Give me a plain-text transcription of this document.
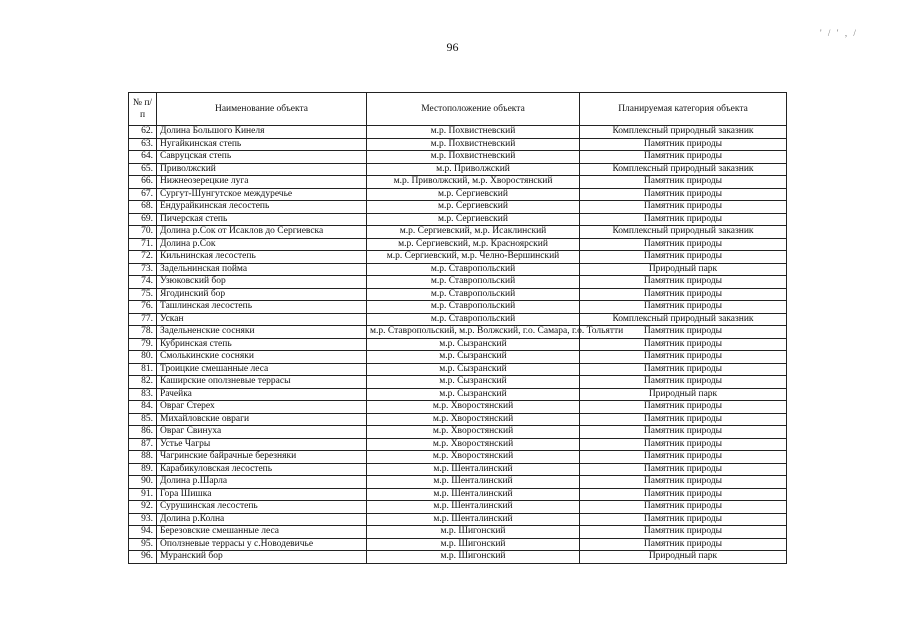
96
' / ′ , /
№ п/п	Наименование объекта	Местоположение объекта	Планируемая категория объекта
62.	Долина Большого Кинеля	м.р. Похвистневский	Комплексный природный заказник
63.	Нугайкинская степь	м.р. Похвистневский	Памятник природы
64.	Савруцская степь	м.р. Похвистневский	Памятник природы
65.	Приволжский	м.р. Приволжский	Комплексный природный заказник
66.	Нижнеозерецкие луга	м.р. Приволжский, м.р. Хворостянский	Памятник природы
67.	Сургут-Шунгутское междуречье	м.р. Сергиевский	Памятник природы
68.	Ендурайкинская лесостепь	м.р. Сергиевский	Памятник природы
69.	Пичерская степь	м.р. Сергиевский	Памятник природы
70.	Долина р.Сок от Исаклов до Сергиевска	м.р. Сергиевский, м.р. Исаклинский	Комплексный природный заказник
71.	Долина р.Сок	м.р. Сергиевский, м.р. Красноярский	Памятник природы
72.	Кильнинская лесостепь	м.р. Сергиевский, м.р. Челно-Вершинский	Памятник природы
73.	Задельнинская пойма	м.р. Ставропольский	Природный парк
74.	Узюковский бор	м.р. Ставропольский	Памятник природы
75.	Ягодинский бор	м.р. Ставропольский	Памятник природы
76.	Ташлинская лесостепь	м.р. Ставропольский	Памятник природы
77.	Ускан	м.р. Ставропольский	Комплексный природный заказник
78.	Задельненские сосняки	м.р. Ставропольский, м.р. Волжский, г.о. Самара, г.о. Тольятти	Памятник природы
79.	Кубринская степь	м.р. Сызранский	Памятник природы
80.	Смолькинские сосняки	м.р. Сызранский	Памятник природы
81.	Троицкие смешанные леса	м.р. Сызранский	Памятник природы
82.	Каширские оползневые террасы	м.р. Сызранский	Памятник природы
83.	Рачейка	м.р. Сызранский	Природный парк
84.	Овраг Стерех	м.р. Хворостянский	Памятник природы
85.	Михайловские овраги	м.р. Хворостянский	Памятник природы
86.	Овраг Свинуха	м.р. Хворостянский	Памятник природы
87.	Устье Чагры	м.р. Хворостянский	Памятник природы
88.	Чагринские байрачные березняки	м.р. Хворостянский	Памятник природы
89.	Карабикуловская лесостепь	м.р. Шенталинский	Памятник природы
90.	Долина р.Шарла	м.р. Шенталинский	Памятник природы
91.	Гора Шишка	м.р. Шенталинский	Памятник природы
92.	Сурушинская лесостепь	м.р. Шенталинский	Памятник природы
93.	Долина р.Колна	м.р. Шенталинский	Памятник природы
94.	Березовские смешанные леса	м.р. Шигонский	Памятник природы
95.	Оползневые террасы у с.Новодевичье	м.р. Шигонский	Памятник природы
96.	Муранский бор	м.р. Шигонский	Природный парк
